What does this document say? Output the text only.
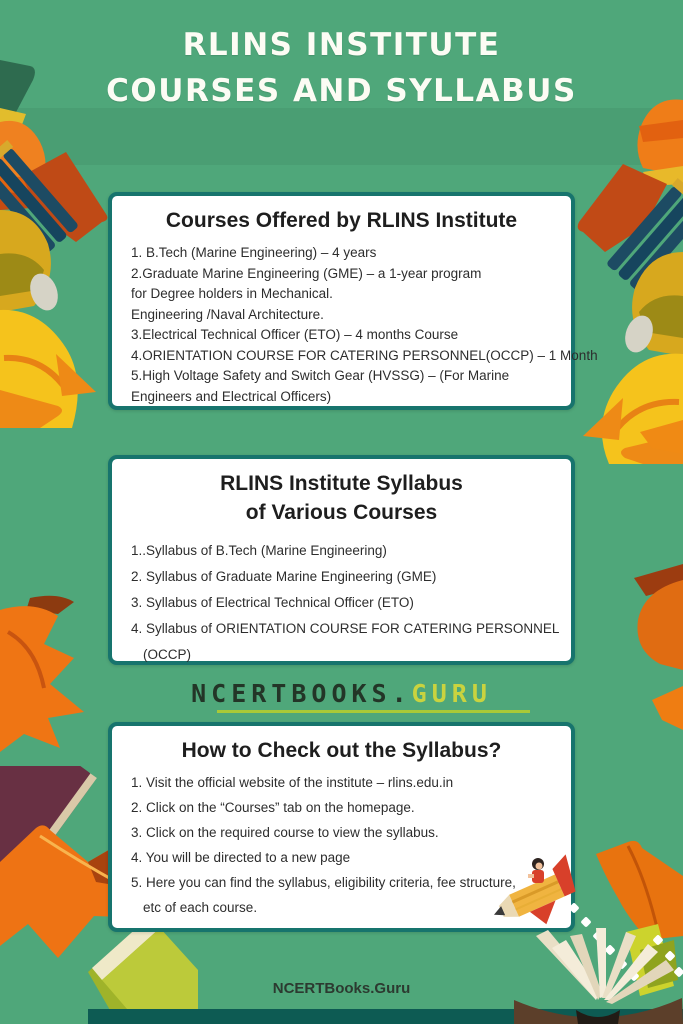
RLINS INSTITUTE
COURSES AND SYLLABUS
Courses Offered by RLINS Institute
1. B.Tech (Marine Engineering) – 4 years
2.Graduate Marine Engineering (GME) – a 1-year program
for Degree holders in Mechanical.
Engineering /Naval Architecture.
3.Electrical Technical Officer (ETO) – 4 months Course
4.ORIENTATION COURSE FOR CATERING PERSONNEL(OCCP) – 1 Month
5.High Voltage Safety and Switch Gear (HVSSG) – (For Marine
Engineers and Electrical Officers)
RLINS Institute Syllabus
of Various Courses
1..Syllabus of B.Tech (Marine Engineering)
2. Syllabus of Graduate Marine Engineering (GME)
3. Syllabus of Electrical Technical Officer (ETO)
4. Syllabus of ORIENTATION COURSE FOR CATERING PERSONNEL
(OCCP)
NCERTBOOKS.GURU
How to Check out the Syllabus?
1. Visit the official website of the institute – rlins.edu.in
2. Click on the “Courses” tab on the homepage.
3. Click on the required course to view the syllabus.
4. You will be directed to a new page
5. Here you can find the syllabus, eligibility criteria, fee structure,
etc of each course.
NCERTBooks.Guru
